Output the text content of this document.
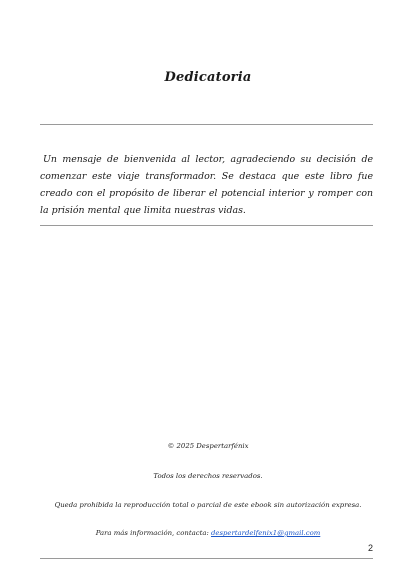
Dedicatoria
Un mensaje de bienvenida al lector, agradeciendo su decisión de comenzar este viaje transformador. Se destaca que este libro fue creado con el propósito de liberar el potencial interior y romper con la prisión mental que limita nuestras vidas.
© 2025 Despertarfénix
Todos los derechos reservados.
Queda prohibida la reproducción total o parcial de este ebook sin autorización expresa.
Para más información, contacta: despertardelfenix1@gmail.com
2
